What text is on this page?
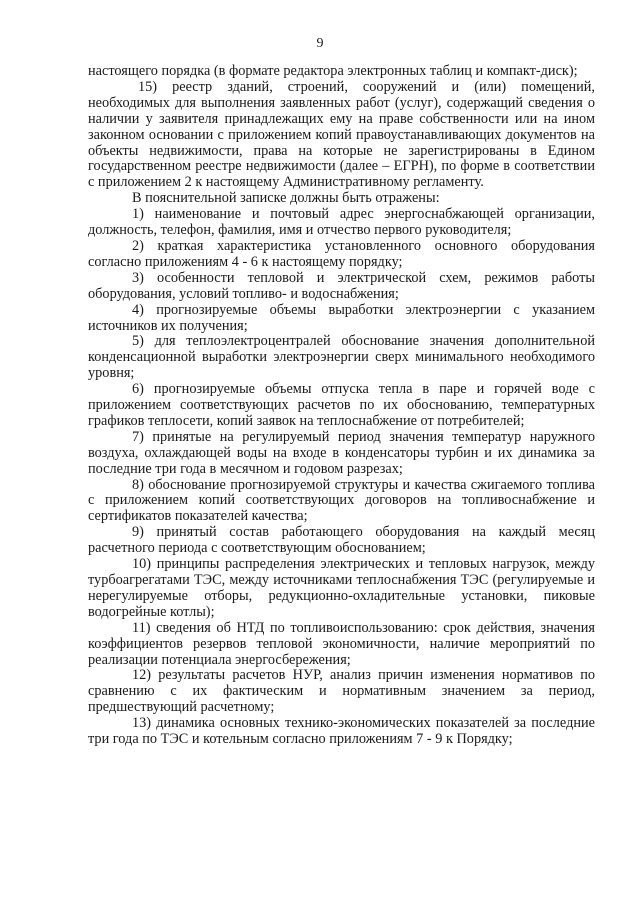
9

настоящего порядка (в формате редактора электронных таблиц и компакт-диск);

15) реестр зданий, строений, сооружений и (или) помещений, необходимых для выполнения заявленных работ (услуг), содержащий сведения о наличии у заявителя принадлежащих ему на праве собственности или на ином законном основании с приложением копий правоустанавливающих документов на объекты недвижимости, права на которые не зарегистрированы в Едином государственном реестре недвижимости (далее – ЕГРН), по форме в соответствии с приложением 2 к настоящему Административному регламенту.

В пояснительной записке должны быть отражены:

1) наименование и почтовый адрес энергоснабжающей организации, должность, телефон, фамилия, имя и отчество первого руководителя;

2) краткая характеристика установленного основного оборудования согласно приложениям 4 - 6 к настоящему порядку;

3) особенности тепловой и электрической схем, режимов работы оборудования, условий топливо- и водоснабжения;

4) прогнозируемые объемы выработки электроэнергии с указанием источников их получения;

5) для теплоэлектроцентралей обоснование значения дополнительной конденсационной выработки электроэнергии сверх минимального необходимого уровня;

6) прогнозируемые объемы отпуска тепла в паре и горячей воде с приложением соответствующих расчетов по их обоснованию, температурных графиков теплосети, копий заявок на теплоснабжение от потребителей;

7) принятые на регулируемый период значения температур наружного воздуха, охлаждающей воды на входе в конденсаторы турбин и их динамика за последние три года в месячном и годовом разрезах;

8) обоснование прогнозируемой структуры и качества сжигаемого топлива с приложением копий соответствующих договоров на топливоснабжение и сертификатов показателей качества;

9) принятый состав работающего оборудования на каждый месяц расчетного периода с соответствующим обоснованием;

10) принципы распределения электрических и тепловых нагрузок, между турбоагрегатами ТЭС, между источниками теплоснабжения ТЭС (регулируемые и нерегулируемые отборы, редукционно-охладительные установки, пиковые водогрейные котлы);

11) сведения об НТД по топливоиспользованию: срок действия, значения коэффициентов резервов тепловой экономичности, наличие мероприятий по реализации потенциала энергосбережения;

12) результаты расчетов НУР, анализ причин изменения нормативов по сравнению с их фактическим и нормативным значением за период, предшествующий расчетному;

13) динамика основных технико-экономических показателей за последние три года по ТЭС и котельным согласно приложениям 7 - 9 к Порядку;
